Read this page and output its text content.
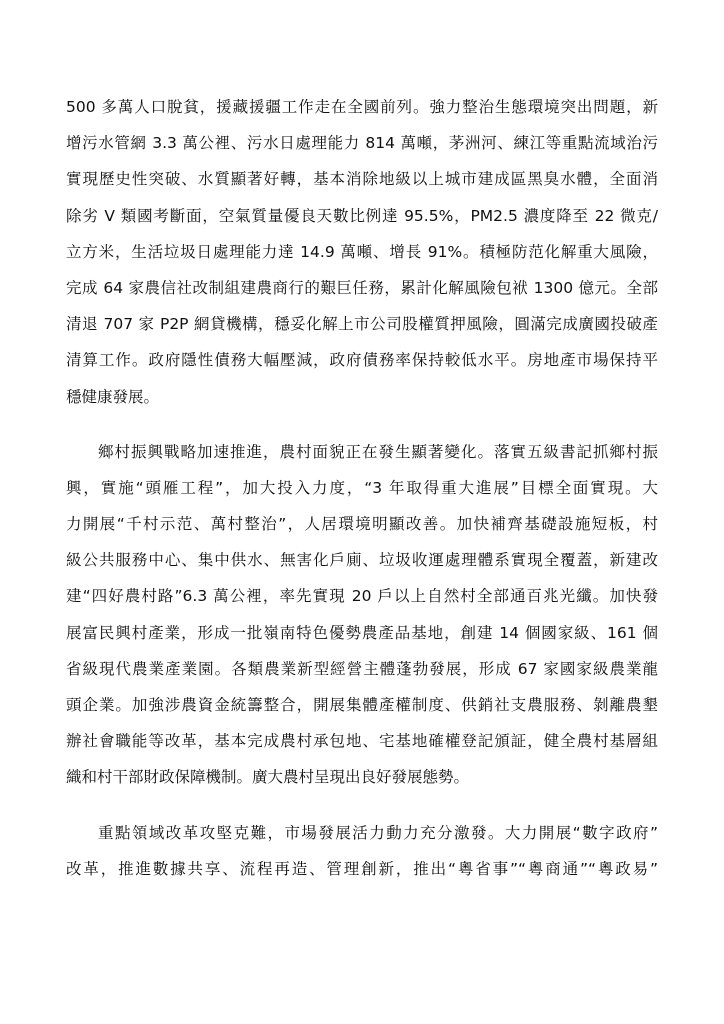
500 多萬人口脫貧，援藏援疆工作走在全國前列。強力整治生態環境突出問題，新
增污水管網 3.3 萬公裡、污水日處理能力 814 萬噸，茅洲河、練江等重點流域治污
實現歷史性突破、水質顯著好轉，基本消除地級以上城市建成區黑臭水體，全面消
除劣 V 類國考斷面，空氣質量優良天數比例達 95.5%，PM2.5 濃度降至 22 微克/
立方米，生活垃圾日處理能力達 14.9 萬噸、增長 91%。積極防范化解重大風險，
完成 64 家農信社改制組建農商行的艱巨任務，累計化解風險包袱 1300 億元。全部
清退 707 家 P2P 網貸機構，穩妥化解上市公司股權質押風險，圓滿完成廣國投破產
清算工作。政府隱性債務大幅壓減，政府債務率保持較低水平。房地產市場保持平
穩健康發展。
鄉村振興戰略加速推進，農村面貌正在發生顯著變化。落實五級書記抓鄉村振
興，實施“頭雁工程”，加大投入力度，“3 年取得重大進展”目標全面實現。大
力開展“千村示范、萬村整治”，人居環境明顯改善。加快補齊基礎設施短板，村
級公共服務中心、集中供水、無害化戶廁、垃圾收運處理體系實現全覆蓋，新建改
建“四好農村路”6.3 萬公裡，率先實現 20 戶以上自然村全部通百兆光纖。加快發
展富民興村產業，形成一批嶺南特色優勢農產品基地，創建 14 個國家級、161 個
省級現代農業產業園。各類農業新型經營主體蓬勃發展，形成 67 家國家級農業龍
頭企業。加強涉農資金統籌整合，開展集體產權制度、供銷社支農服務、剝離農墾
辦社會職能等改革，基本完成農村承包地、宅基地確權登記頒証，健全農村基層組
織和村干部財政保障機制。廣大農村呈現出良好發展態勢。
重點領域改革攻堅克難，市場發展活力動力充分激發。大力開展“數字政府”
改革，推進數據共享、流程再造、管理創新，推出“粵省事”“粵商通”“粵政易”
